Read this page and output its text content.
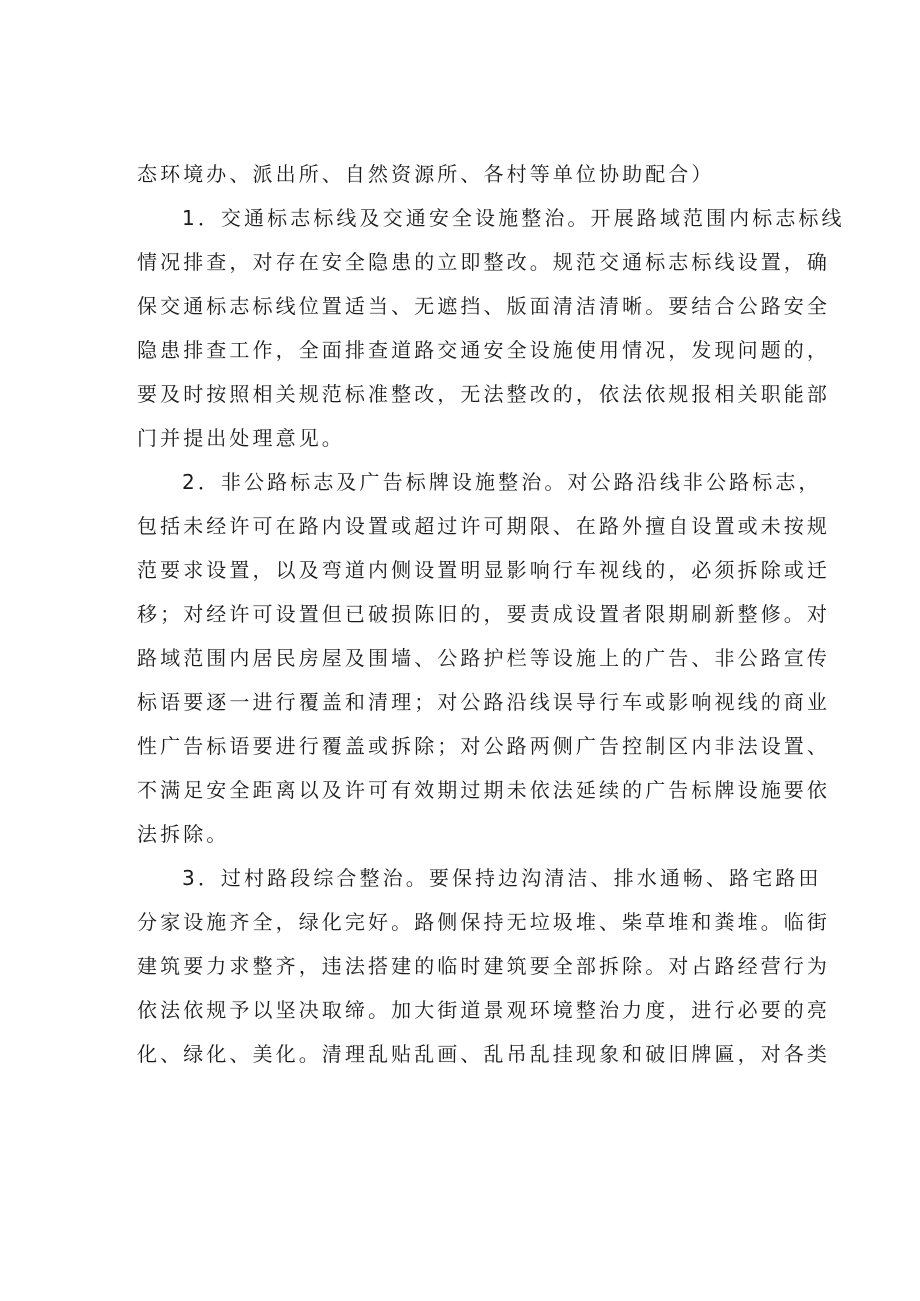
态环境办、派出所、自然资源所、各村等单位协助配合）

1．交通标志标线及交通安全设施整治。开展路域范围内标志标线
情况排查，对存在安全隐患的立即整改。规范交通标志标线设置，确
保交通标志标线位置适当、无遮挡、版面清洁清晰。要结合公路安全
隐患排查工作，全面排查道路交通安全设施使用情况，发现问题的，
要及时按照相关规范标准整改，无法整改的，依法依规报相关职能部
门并提出处理意见。

2．非公路标志及广告标牌设施整治。对公路沿线非公路标志，
包括未经许可在路内设置或超过许可期限、在路外擅自设置或未按规
范要求设置，以及弯道内侧设置明显影响行车视线的，必须拆除或迁
移；对经许可设置但已破损陈旧的，要责成设置者限期刷新整修。对
路域范围内居民房屋及围墙、公路护栏等设施上的广告、非公路宣传
标语要逐一进行覆盖和清理；对公路沿线误导行车或影响视线的商业
性广告标语要进行覆盖或拆除；对公路两侧广告控制区内非法设置、
不满足安全距离以及许可有效期过期未依法延续的广告标牌设施要依
法拆除。

3．过村路段综合整治。要保持边沟清洁、排水通畅、路宅路田
分家设施齐全，绿化完好。路侧保持无垃圾堆、柴草堆和粪堆。临街
建筑要力求整齐，违法搭建的临时建筑要全部拆除。对占路经营行为
依法依规予以坚决取缔。加大街道景观环境整治力度，进行必要的亮
化、绿化、美化。清理乱贴乱画、乱吊乱挂现象和破旧牌匾，对各类
